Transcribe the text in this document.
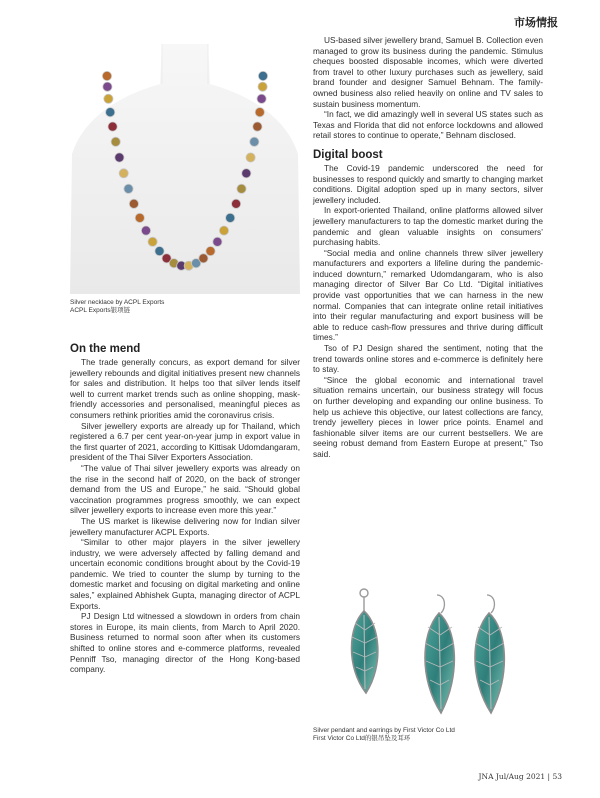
市场情报
Silver necklace by ACPL Exports
ACPL Exports银项链
On the mend

The trade generally concurs, as export demand for silver jewellery rebounds and digital initiatives present new channels for sales and distribution. It helps too that silver lends itself well to current market trends such as online shopping, mask-friendly accessories and personalised, meaningful pieces as consumers rethink priorities amid the coronavirus crisis.

Silver jewellery exports are already up for Thailand, which registered a 6.7 per cent year-on-year jump in export value in the first quarter of 2021, according to Kittisak Udomdangaram, president of the Thai Silver Exporters Association.

“The value of Thai silver jewellery exports was already on the rise in the second half of 2020, on the back of stronger demand from the US and Europe,” he said. “Should global vaccination programmes progress smoothly, we can expect silver jewellery exports to increase even more this year.”

The US market is likewise delivering now for Indian silver jewellery manufacturer ACPL Exports.

“Similar to other major players in the silver jewellery industry, we were adversely affected by falling demand and uncertain economic conditions brought about by the Covid-19 pandemic. We tried to counter the slump by turning to the domestic market and focusing on digital marketing and online sales,” explained Abhishek Gupta, managing director of ACPL Exports.

PJ Design Ltd witnessed a slowdown in orders from chain stores in Europe, its main clients, from March to April 2020. Business returned to normal soon after when its customers shifted to online stores and e-commerce platforms, revealed Penniff Tso, managing director of the Hong Kong-based company.

US-based silver jewellery brand, Samuel B. Collection even managed to grow its business during the pandemic. Stimulus cheques boosted disposable incomes, which were diverted from travel to other luxury purchases such as jewellery, said brand founder and designer Samuel Behnam. The family-owned business also relied heavily on online and TV sales to sustain business momentum.

“In fact, we did amazingly well in several US states such as Texas and Florida that did not enforce lockdowns and allowed retail stores to continue to operate,” Behnam disclosed.

Digital boost

The Covid-19 pandemic underscored the need for businesses to respond quickly and smartly to changing market conditions. Digital adoption sped up in many sectors, silver jewellery included.

In export-oriented Thailand, online platforms allowed silver jewellery manufacturers to tap the domestic market during the pandemic and glean valuable insights on consumers’ purchasing habits.

“Social media and online channels threw silver jewellery manufacturers and exporters a lifeline during the pandemic-induced downturn,” remarked Udomdangaram, who is also managing director of Silver Bar Co Ltd. “Digital initiatives provide vast opportunities that we can harness in the new normal. Companies that can integrate online retail initiatives into their regular manufacturing and export business will be able to reduce cash-flow pressures and thrive during difficult times.”

Tso of PJ Design shared the sentiment, noting that the trend towards online stores and e-commerce is definitely here to stay.

“Since the global economic and international travel situation remains uncertain, our business strategy will focus on further developing and expanding our online business. To help us achieve this objective, our latest collections are fancy, trendy jewellery pieces in lower price points. Enamel and fashionable silver items are our current bestsellers. We are seeing robust demand from Eastern Europe at present,” Tso said.

Silver pendant and earrings by First Victor Co Ltd
First Victor Co Ltd的银吊坠及耳环
JNA Jul/Aug 2021 | 53
